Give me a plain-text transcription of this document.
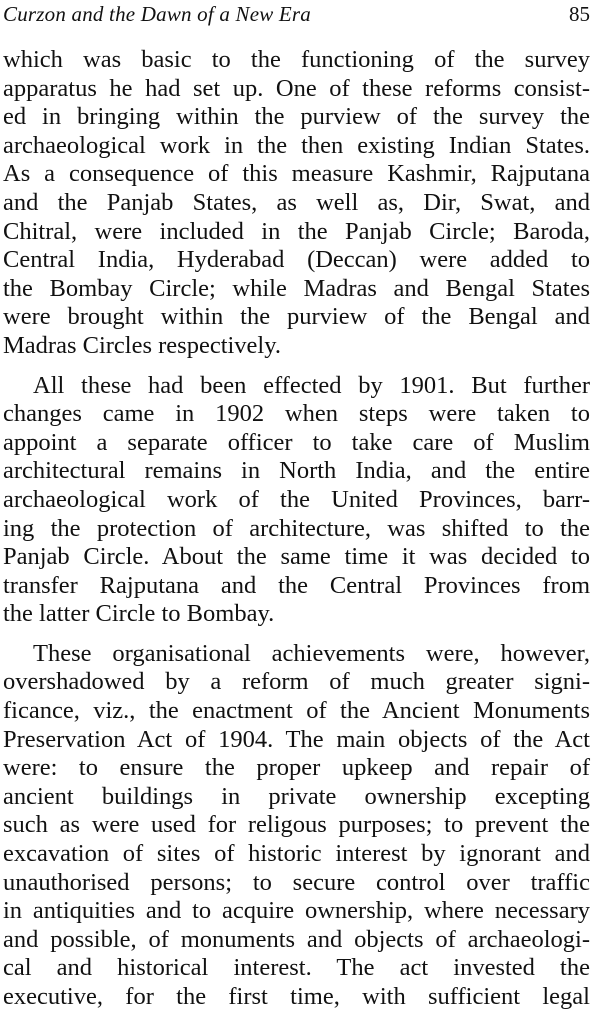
Curzon and the Dawn of a New Era	85
which was basic to the functioning of the survey
apparatus he had set up. One of these reforms consist-
ed in bringing within the purview of the survey the
archaeological work in the then existing Indian States.
As a consequence of this measure Kashmir, Rajputana
and the Panjab States, as well as, Dir, Swat, and
Chitral, were included in the Panjab Circle; Baroda,
Central India, Hyderabad (Deccan) were added to
the Bombay Circle; while Madras and Bengal States
were brought within the purview of the Bengal and
Madras Circles respectively.
All these had been effected by 1901. But further
changes came in 1902 when steps were taken to
appoint a separate officer to take care of Muslim
architectural remains in North India, and the entire
archaeological work of the United Provinces, barr-
ing the protection of architecture, was shifted to the
Panjab Circle. About the same time it was decided to
transfer Rajputana and the Central Provinces from
the latter Circle to Bombay.
These organisational achievements were, however,
overshadowed by a reform of much greater signi-
ficance, viz., the enactment of the Ancient Monuments
Preservation Act of 1904. The main objects of the Act
were: to ensure the proper upkeep and repair of
ancient buildings in private ownership excepting
such as were used for religous purposes; to prevent the
excavation of sites of historic interest by ignorant and
unauthorised persons; to secure control over traffic
in antiquities and to acquire ownership, where necessary
and possible, of monuments and objects of archaeologi-
cal and historical interest. The act invested the
executive, for the first time, with sufficient legal
